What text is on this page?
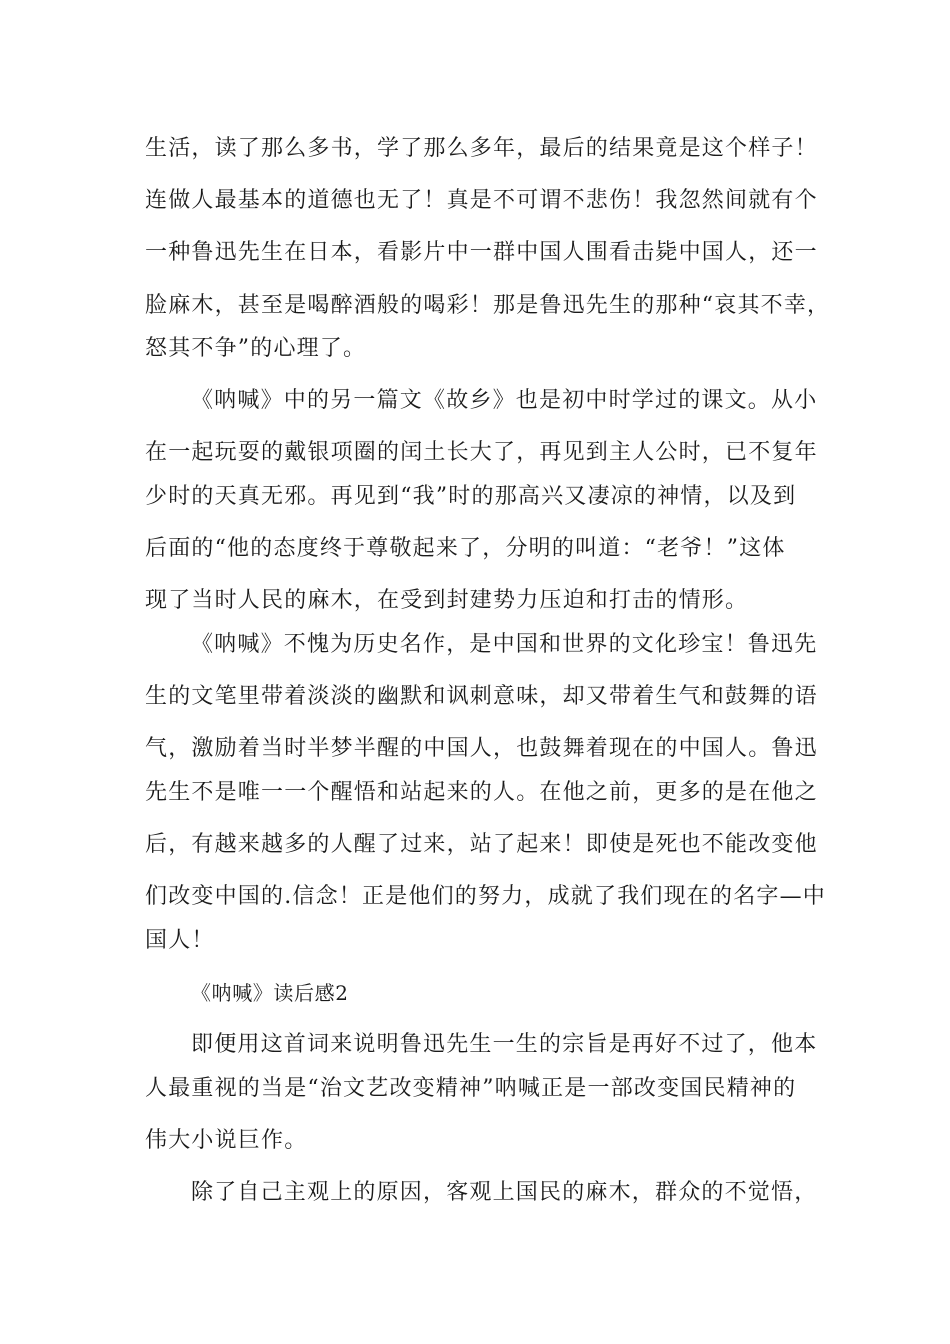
生活，读了那么多书，学了那么多年，最后的结果竟是这个样子！
连做人最基本的道德也无了！真是不可谓不悲伤！我忽然间就有个
一种鲁迅先生在日本，看影片中一群中国人围看击毙中国人，还一
脸麻木，甚至是喝醉酒般的喝彩！那是鲁迅先生的那种“哀其不幸，
怒其不争”的心理了。
《呐喊》中的另一篇文《故乡》也是初中时学过的课文。从小
在一起玩耍的戴银项圈的闰土长大了，再见到主人公时，已不复年
少时的天真无邪。再见到“我”时的那高兴又凄凉的神情，以及到
后面的“他的态度终于尊敬起来了，分明的叫道：“老爷！”这体
现了当时人民的麻木，在受到封建势力压迫和打击的情形。
《呐喊》不愧为历史名作，是中国和世界的文化珍宝！鲁迅先
生的文笔里带着淡淡的幽默和讽刺意味，却又带着生气和鼓舞的语
气，激励着当时半梦半醒的中国人，也鼓舞着现在的中国人。鲁迅
先生不是唯一一个醒悟和站起来的人。在他之前，更多的是在他之
后，有越来越多的人醒了过来，站了起来！即使是死也不能改变他
们改变中国的.信念！正是他们的努力，成就了我们现在的名字—中
国人！
《呐喊》读后感2
即便用这首词来说明鲁迅先生一生的宗旨是再好不过了，他本
人最重视的当是“治文艺改变精神”呐喊正是一部改变国民精神的
伟大小说巨作。
除了自己主观上的原因，客观上国民的麻木，群众的不觉悟，
